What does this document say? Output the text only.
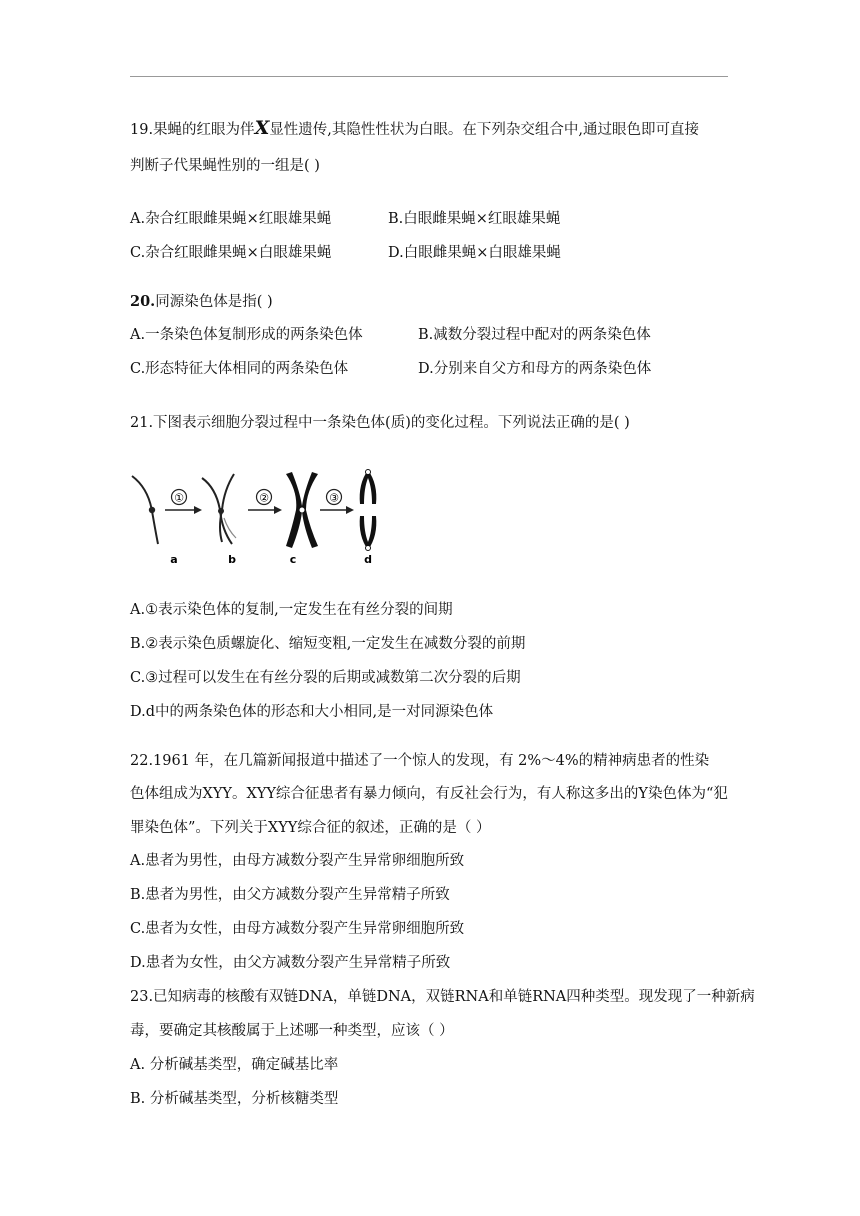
19.果蝇的红眼为伴X显性遗传,其隐性性状为白眼。在下列杂交组合中,通过眼色即可直接
判断子代果蝇性别的一组是( )
A.杂合红眼雌果蝇×红眼雄果蝇	B.白眼雌果蝇×红眼雄果蝇
C.杂合红眼雌果蝇×白眼雄果蝇	D.白眼雌果蝇×白眼雄果蝇
20.同源染色体是指( )
A.一条染色体复制形成的两条染色体	B.减数分裂过程中配对的两条染色体
C.形态特征大体相同的两条染色体	D.分别来自父方和母方的两条染色体
21.下图表示细胞分裂过程中一条染色体(质)的变化过程。下列说法正确的是( )
①	②	③
a	b	c	d
A.①表示染色体的复制,一定发生在有丝分裂的间期
B.②表示染色质螺旋化、缩短变粗,一定发生在减数分裂的前期
C.③过程可以发生在有丝分裂的后期或减数第二次分裂的后期
D.d中的两条染色体的形态和大小相同,是一对同源染色体
22.1961 年，在几篇新闻报道中描述了一个惊人的发现，有 2%～4%的精神病患者的性染
色体组成为XYY。XYY综合征患者有暴力倾向，有反社会行为，有人称这多出的Y染色体为“犯
罪染色体”。下列关于XYY综合征的叙述，正确的是（ ）
A.患者为男性，由母方减数分裂产生异常卵细胞所致
B.患者为男性，由父方减数分裂产生异常精子所致
C.患者为女性，由母方减数分裂产生异常卵细胞所致
D.患者为女性，由父方减数分裂产生异常精子所致
23.已知病毒的核酸有双链DNA，单链DNA，双链RNA和单链RNA四种类型。现发现了一种新病
毒，要确定其核酸属于上述哪一种类型，应该（ ）
A. 分析碱基类型，确定碱基比率
B. 分析碱基类型，分析核糖类型
